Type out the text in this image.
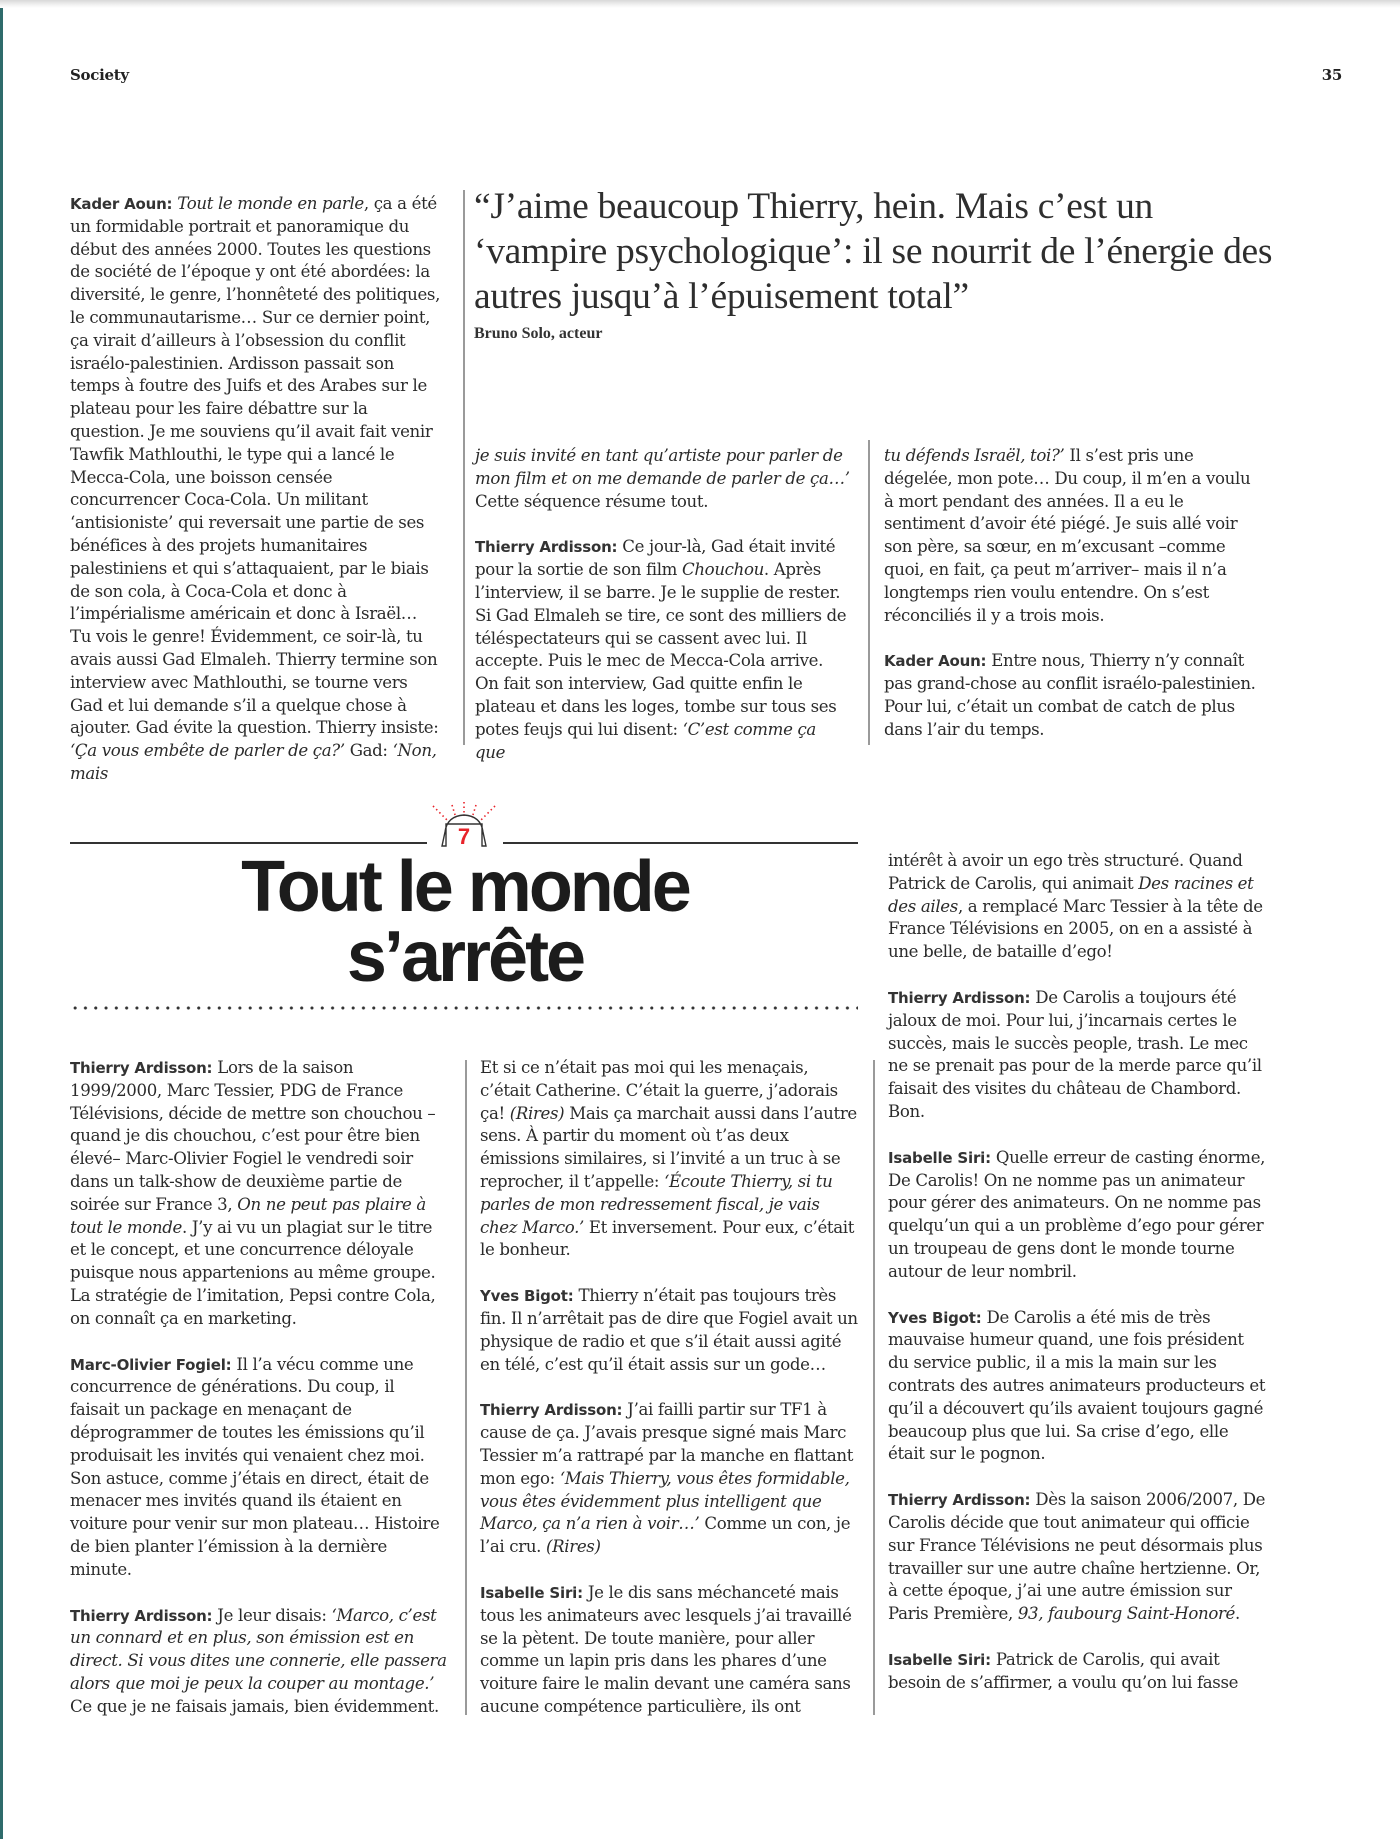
Society	35

Kader Aoun: Tout le monde en parle, ça a été un formidable portrait et panoramique du début des années 2000. Toutes les questions de société de l’époque y ont été abordées: la diversité, le genre, l’honnêteté des politiques, le communautarisme… Sur ce dernier point, ça virait d’ailleurs à l’obsession du conflit israélo-palestinien. Ardisson passait son temps à foutre des Juifs et des Arabes sur le plateau pour les faire débattre sur la question. Je me souviens qu’il avait fait venir Tawfik Mathlouthi, le type qui a lancé le Mecca-Cola, une boisson censée concurrencer Coca-Cola. Un militant ‘antisioniste’ qui reversait une partie de ses bénéfices à des projets humanitaires palestiniens et qui s’attaquaient, par le biais de son cola, à Coca-Cola et donc à l’impérialisme américain et donc à Israël… Tu vois le genre! Évidemment, ce soir-là, tu avais aussi Gad Elmaleh. Thierry termine son interview avec Mathlouthi, se tourne vers Gad et lui demande s’il a quelque chose à ajouter. Gad évite la question. Thierry insiste: ‘Ça vous embête de parler de ça?’ Gad: ‘Non, mais

“J’aime beaucoup Thierry, hein. Mais c’est un ‘vampire psychologique’: il se nourrit de l’énergie des autres jusqu’à l’épuisement total”
Bruno Solo, acteur

je suis invité en tant qu’artiste pour parler de mon film et on me demande de parler de ça…’ Cette séquence résume tout.

Thierry Ardisson: Ce jour-là, Gad était invité pour la sortie de son film Chouchou. Après l’interview, il se barre. Je le supplie de rester. Si Gad Elmaleh se tire, ce sont des milliers de téléspectateurs qui se cassent avec lui. Il accepte. Puis le mec de Mecca-Cola arrive. On fait son interview, Gad quitte enfin le plateau et dans les loges, tombe sur tous ses potes feujs qui lui disent: ‘C’est comme ça que

tu défends Israël, toi?’ Il s’est pris une dégelée, mon pote… Du coup, il m’en a voulu à mort pendant des années. Il a eu le sentiment d’avoir été piégé. Je suis allé voir son père, sa sœur, en m’excusant –comme quoi, en fait, ça peut m’arriver– mais il n’a longtemps rien voulu entendre. On s’est réconciliés il y a trois mois.

Kader Aoun: Entre nous, Thierry n’y connaît pas grand-chose au conflit israélo-palestinien. Pour lui, c’était un combat de catch de plus dans l’air du temps.

7
Tout le monde
s’arrête

Thierry Ardisson: Lors de la saison 1999/2000, Marc Tessier, PDG de France Télévisions, décide de mettre son chouchou –quand je dis chouchou, c’est pour être bien élevé– Marc-Olivier Fogiel le vendredi soir dans un talk-show de deuxième partie de soirée sur France 3, On ne peut pas plaire à tout le monde. J’y ai vu un plagiat sur le titre et le concept, et une concurrence déloyale puisque nous appartenions au même groupe. La stratégie de l’imitation, Pepsi contre Cola, on connaît ça en marketing.

Marc-Olivier Fogiel: Il l’a vécu comme une concurrence de générations. Du coup, il faisait un package en menaçant de déprogrammer de toutes les émissions qu’il produisait les invités qui venaient chez moi. Son astuce, comme j’étais en direct, était de menacer mes invités quand ils étaient en voiture pour venir sur mon plateau… Histoire de bien planter l’émission à la dernière minute.

Thierry Ardisson: Je leur disais: ‘Marco, c’est un connard et en plus, son émission est en direct. Si vous dites une connerie, elle passera alors que moi je peux la couper au montage.’ Ce que je ne faisais jamais, bien évidemment.

Et si ce n’était pas moi qui les menaçais, c’était Catherine. C’était la guerre, j’adorais ça! (Rires) Mais ça marchait aussi dans l’autre sens. À partir du moment où t’as deux émissions similaires, si l’invité a un truc à se reprocher, il t’appelle: ‘Écoute Thierry, si tu parles de mon redressement fiscal, je vais chez Marco.’ Et inversement. Pour eux, c’était le bonheur.

Yves Bigot: Thierry n’était pas toujours très fin. Il n’arrêtait pas de dire que Fogiel avait un physique de radio et que s’il était aussi agité en télé, c’est qu’il était assis sur un gode…

Thierry Ardisson: J’ai failli partir sur TF1 à cause de ça. J’avais presque signé mais Marc Tessier m’a rattrapé par la manche en flattant mon ego: ‘Mais Thierry, vous êtes formidable, vous êtes évidemment plus intelligent que Marco, ça n’a rien à voir…’ Comme un con, je l’ai cru. (Rires)

Isabelle Siri: Je le dis sans méchanceté mais tous les animateurs avec lesquels j’ai travaillé se la pètent. De toute manière, pour aller comme un lapin pris dans les phares d’une voiture faire le malin devant une caméra sans aucune compétence particulière, ils ont

intérêt à avoir un ego très structuré. Quand Patrick de Carolis, qui animait Des racines et des ailes, a remplacé Marc Tessier à la tête de France Télévisions en 2005, on en a assisté à une belle, de bataille d’ego!

Thierry Ardisson: De Carolis a toujours été jaloux de moi. Pour lui, j’incarnais certes le succès, mais le succès people, trash. Le mec ne se prenait pas pour de la merde parce qu’il faisait des visites du château de Chambord. Bon.

Isabelle Siri: Quelle erreur de casting énorme, De Carolis! On ne nomme pas un animateur pour gérer des animateurs. On ne nomme pas quelqu’un qui a un problème d’ego pour gérer un troupeau de gens dont le monde tourne autour de leur nombril.

Yves Bigot: De Carolis a été mis de très mauvaise humeur quand, une fois président du service public, il a mis la main sur les contrats des autres animateurs producteurs et qu’il a découvert qu’ils avaient toujours gagné beaucoup plus que lui. Sa crise d’ego, elle était sur le pognon.

Thierry Ardisson: Dès la saison 2006/2007, De Carolis décide que tout animateur qui officie sur France Télévisions ne peut désormais plus travailler sur une autre chaîne hertzienne. Or, à cette époque, j’ai une autre émission sur Paris Première, 93, faubourg Saint-Honoré.

Isabelle Siri: Patrick de Carolis, qui avait besoin de s’affirmer, a voulu qu’on lui fasse
